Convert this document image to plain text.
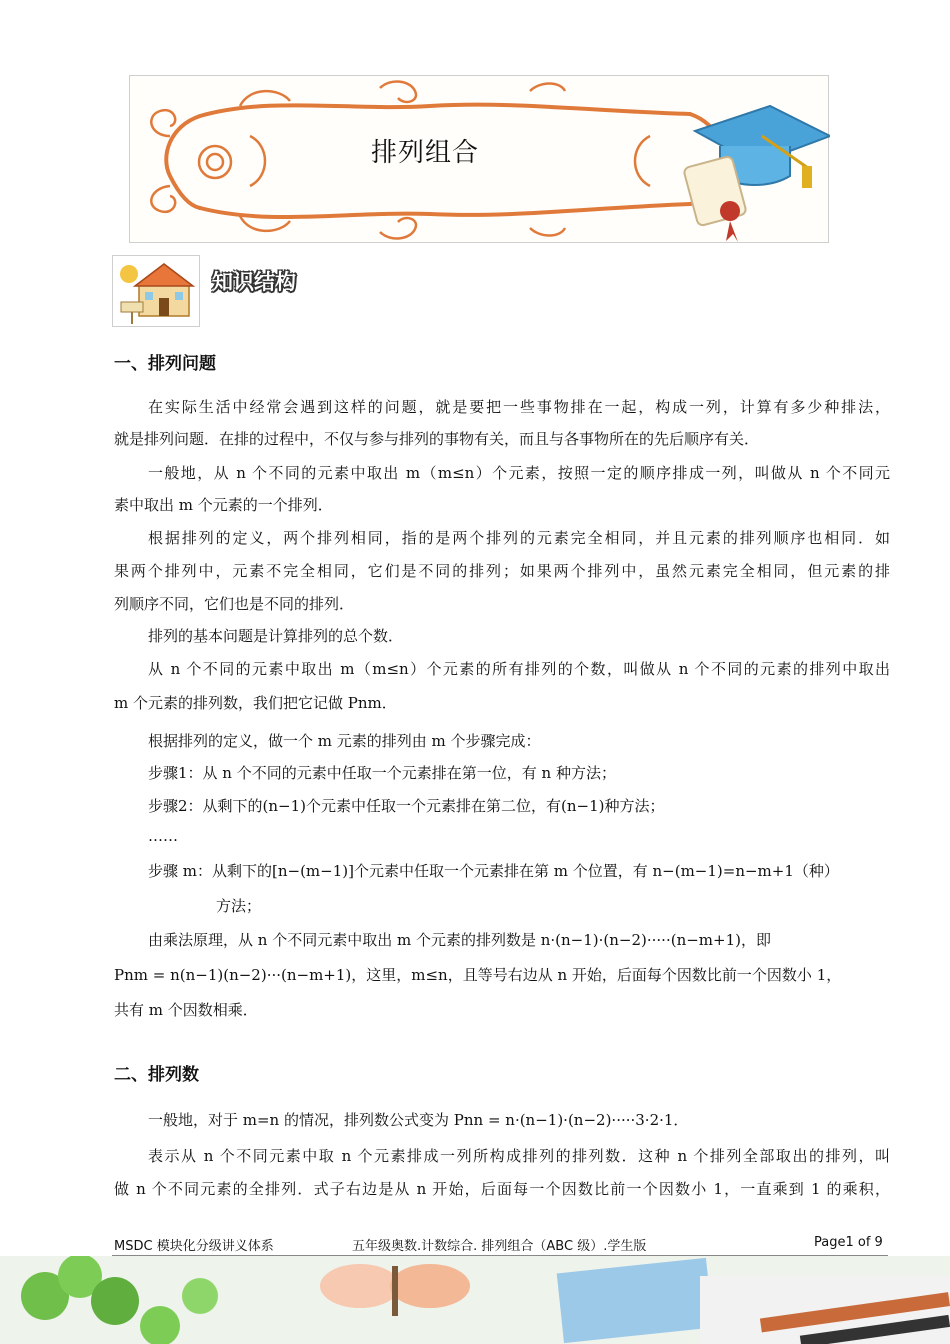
排列组合
知识结构
一、排列问题
在实际生活中经常会遇到这样的问题，就是要把一些事物排在一起，构成一列，计算有多少种排法，
就是排列问题．在排的过程中，不仅与参与排列的事物有关，而且与各事物所在的先后顺序有关．
一般地，从 n 个不同的元素中取出 m（m≤n）个元素，按照一定的顺序排成一列，叫做从 n 个不同元
素中取出 m 个元素的一个排列．
根据排列的定义，两个排列相同，指的是两个排列的元素完全相同，并且元素的排列顺序也相同．如
果两个排列中，元素不完全相同，它们是不同的排列；如果两个排列中，虽然元素完全相同，但元素的排
列顺序不同，它们也是不同的排列．
排列的基本问题是计算排列的总个数．
从 n 个不同的元素中取出 m（m≤n）个元素的所有排列的个数，叫做从 n 个不同的元素的排列中取出
m 个元素的排列数，我们把它记做 Pnm．
根据排列的定义，做一个 m 元素的排列由 m 个步骤完成：
步骤1：从 n 个不同的元素中任取一个元素排在第一位，有 n 种方法；
步骤2：从剩下的(n−1)个元素中任取一个元素排在第二位，有(n−1)种方法；
……
步骤 m：从剩下的[n−(m−1)]个元素中任取一个元素排在第 m 个位置，有 n−(m−1)=n−m+1（种）
方法；
由乘法原理，从 n 个不同元素中取出 m 个元素的排列数是 n·(n−1)·(n−2)·····(n−m+1)，即
Pnm = n(n−1)(n−2)···(n−m+1)，这里，m≤n，且等号右边从 n 开始，后面每个因数比前一个因数小 1，
共有 m 个因数相乘．
二、排列数
一般地，对于 m=n 的情况，排列数公式变为 Pnn = n·(n−1)·(n−2)·····3·2·1．
表示从 n 个不同元素中取 n 个元素排成一列所构成排列的排列数．这种 n 个排列全部取出的排列，叫
做 n 个不同元素的全排列．式子右边是从 n 开始，后面每一个因数比前一个因数小 1，一直乘到 1 的乘积，
MSDC 模块化分级讲义体系	五年级奥数.计数综合. 排列组合（ABC 级）.学生版	Page1 of 9
